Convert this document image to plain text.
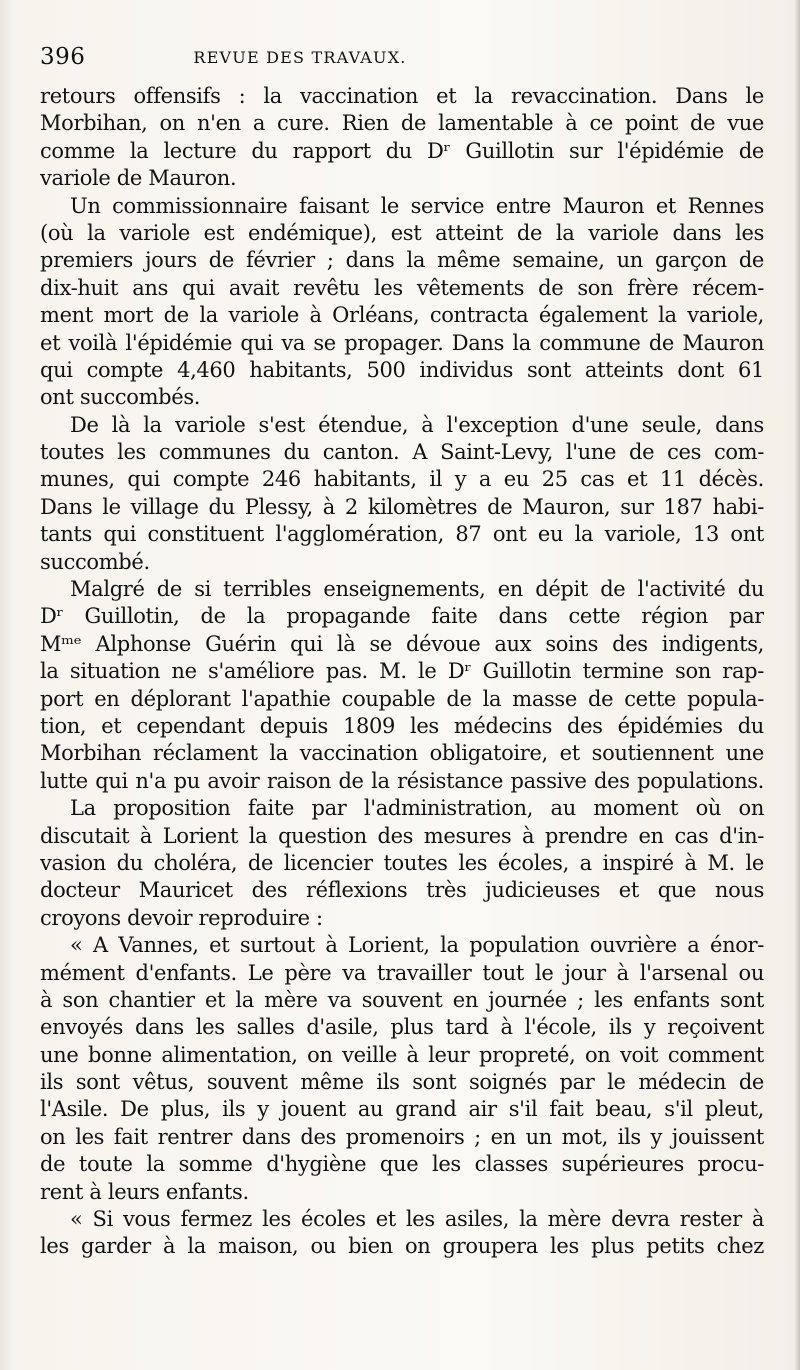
396	REVUE DES TRAVAUX.
retours offensifs : la vaccination et la revaccination. Dans le
Morbihan, on n'en a cure. Rien de lamentable à ce point de vue
comme la lecture du rapport du Dʳ Guillotin sur l'épidémie de
variole de Mauron.
Un commissionnaire faisant le service entre Mauron et Rennes
(où la variole est endémique), est atteint de la variole dans les
premiers jours de février ; dans la même semaine, un garçon de
dix-huit ans qui avait revêtu les vêtements de son frère récem-
ment mort de la variole à Orléans, contracta également la variole,
et voilà l'épidémie qui va se propager. Dans la commune de Mauron
qui compte 4,460 habitants, 500 individus sont atteints dont 61
ont succombés.
De là la variole s'est étendue, à l'exception d'une seule, dans
toutes les communes du canton. A Saint-Levy, l'une de ces com-
munes, qui compte 246 habitants, il y a eu 25 cas et 11 décès.
Dans le village du Plessy, à 2 kilomètres de Mauron, sur 187 habi-
tants qui constituent l'agglomération, 87 ont eu la variole, 13 ont
succombé.
Malgré de si terribles enseignements, en dépit de l'activité du
Dʳ Guillotin, de la propagande faite dans cette région par
Mᵐᵉ Alphonse Guérin qui là se dévoue aux soins des indigents,
la situation ne s'améliore pas. M. le Dʳ Guillotin termine son rap-
port en déplorant l'apathie coupable de la masse de cette popula-
tion, et cependant depuis 1809 les médecins des épidémies du
Morbihan réclament la vaccination obligatoire, et soutiennent une
lutte qui n'a pu avoir raison de la résistance passive des populations.
La proposition faite par l'administration, au moment où on
discutait à Lorient la question des mesures à prendre en cas d'in-
vasion du choléra, de licencier toutes les écoles, a inspiré à M. le
docteur Mauricet des réflexions très judicieuses et que nous
croyons devoir reproduire :
« A Vannes, et surtout à Lorient, la population ouvrière a énor-
mément d'enfants. Le père va travailler tout le jour à l'arsenal ou
à son chantier et la mère va souvent en journée ; les enfants sont
envoyés dans les salles d'asile, plus tard à l'école, ils y reçoivent
une bonne alimentation, on veille à leur propreté, on voit comment
ils sont vêtus, souvent même ils sont soignés par le médecin de
l'Asile. De plus, ils y jouent au grand air s'il fait beau, s'il pleut,
on les fait rentrer dans des promenoirs ; en un mot, ils y jouissent
de toute la somme d'hygiène que les classes supérieures procu-
rent à leurs enfants.
« Si vous fermez les écoles et les asiles, la mère devra rester à
les garder à la maison, ou bien on groupera les plus petits chez
